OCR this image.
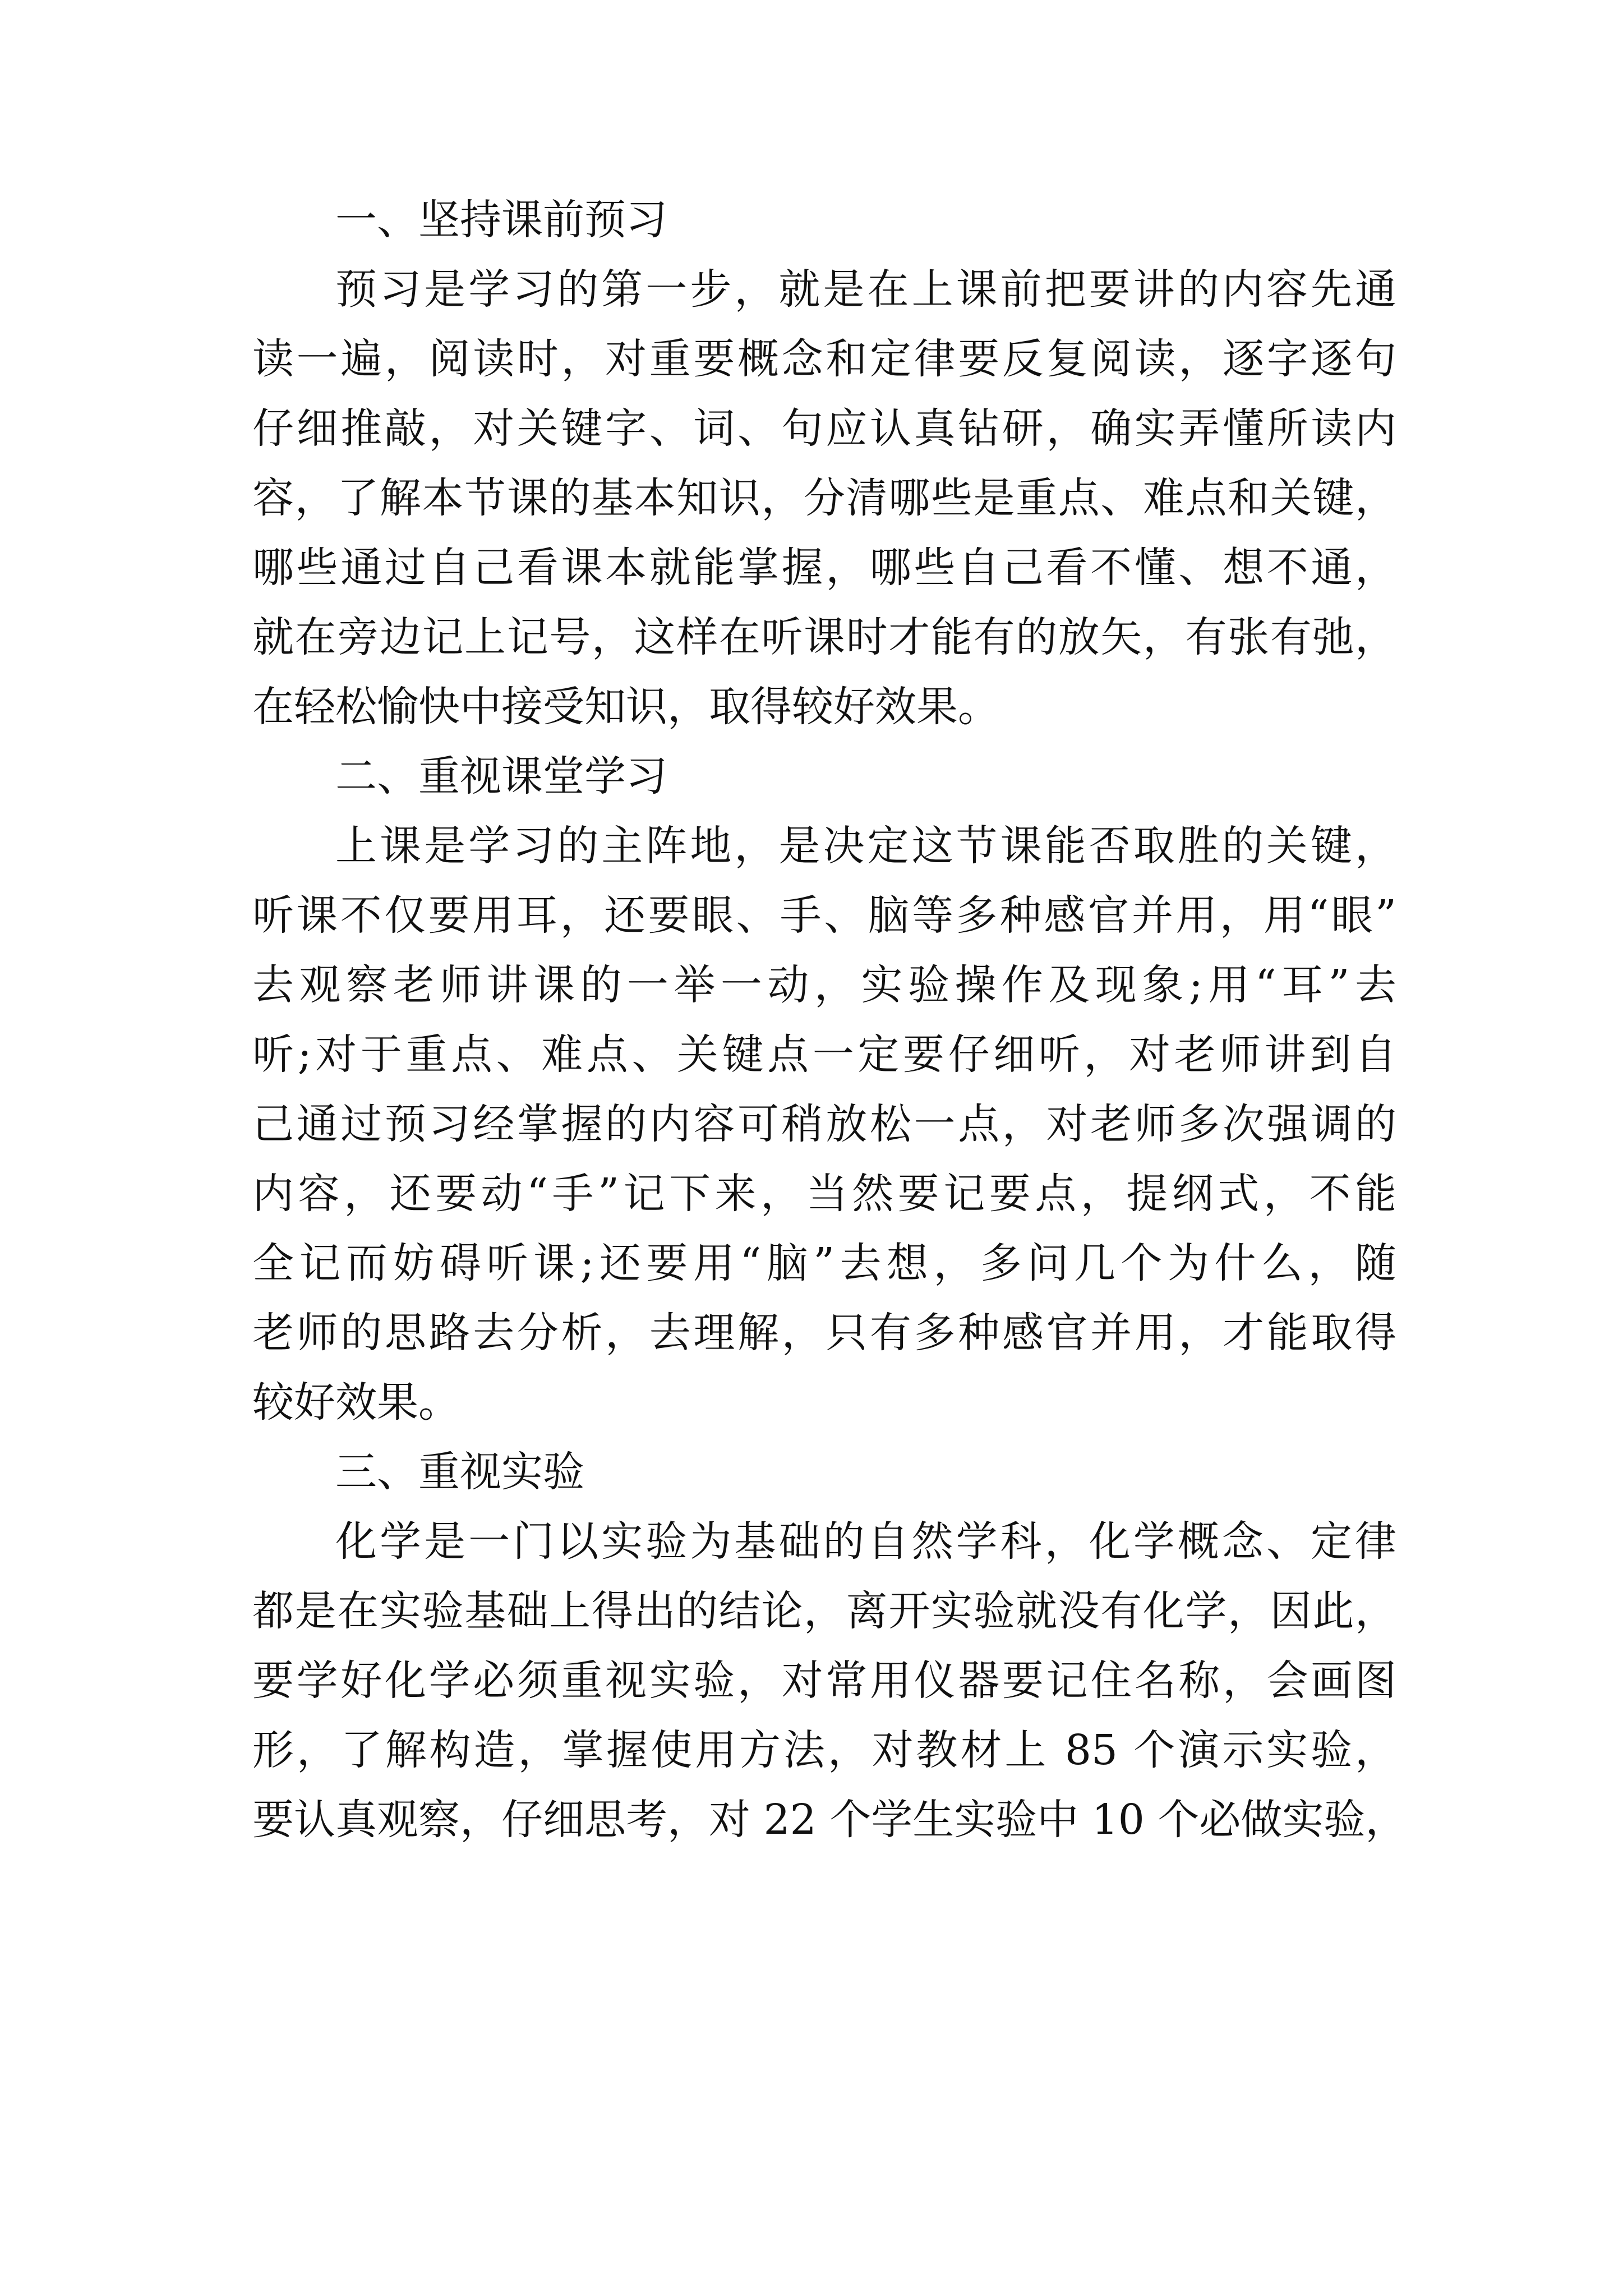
一、坚持课前预习
预习是学习的第一步，就是在上课前把要讲的内容先通
读一遍，阅读时，对重要概念和定律要反复阅读，逐字逐句
仔细推敲，对关键字、词、句应认真钻研，确实弄懂所读内
容，了解本节课的基本知识，分清哪些是重点、难点和关键，
哪些通过自己看课本就能掌握，哪些自己看不懂、想不通，
就在旁边记上记号，这样在听课时才能有的放矢，有张有弛，
在轻松愉快中接受知识，取得较好效果。
二、重视课堂学习
上课是学习的主阵地，是决定这节课能否取胜的关键，
听课不仅要用耳，还要眼、手、脑等多种感官并用，用“眼”
去观察老师讲课的一举一动，实验操作及现象;用“耳”去
听;对于重点、难点、关键点一定要仔细听，对老师讲到自
己通过预习经掌握的内容可稍放松一点，对老师多次强调的
内容，还要动“手”记下来，当然要记要点，提纲式，不能
全记而妨碍听课;还要用“脑”去想，多问几个为什么，随
老师的思路去分析，去理解，只有多种感官并用，才能取得
较好效果。
三、重视实验
化学是一门以实验为基础的自然学科，化学概念、定律
都是在实验基础上得出的结论，离开实验就没有化学，因此，
要学好化学必须重视实验，对常用仪器要记住名称，会画图
形，了解构造，掌握使用方法，对教材上 85 个演示实验，
要认真观察，仔细思考，对 22 个学生实验中 10 个必做实验，
